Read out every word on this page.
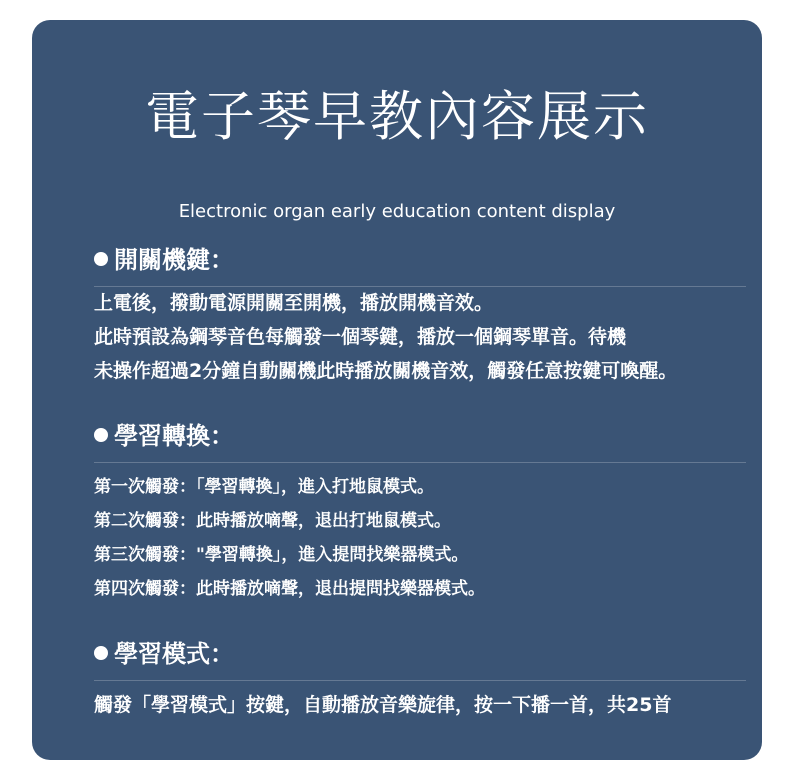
電子琴早教內容展示
Electronic organ early education content display
開關機鍵：
上電後，撥動電源開關至開機，播放開機音效。
此時預設為鋼琴音色每觸發一個琴鍵，播放一個鋼琴單音。待機
未操作超過2分鐘自動關機此時播放關機音效，觸發任意按鍵可喚醒。
學習轉換：
第一次觸發：「學習轉換」，進入打地鼠模式。
第二次觸發：此時播放嘀聲，退出打地鼠模式。
第三次觸發："學習轉換」，進入提問找樂器模式。
第四次觸發：此時播放嘀聲，退出提問找樂器模式。
學習模式：
觸發「學習模式」按鍵，自動播放音樂旋律，按一下播一首，共25首
